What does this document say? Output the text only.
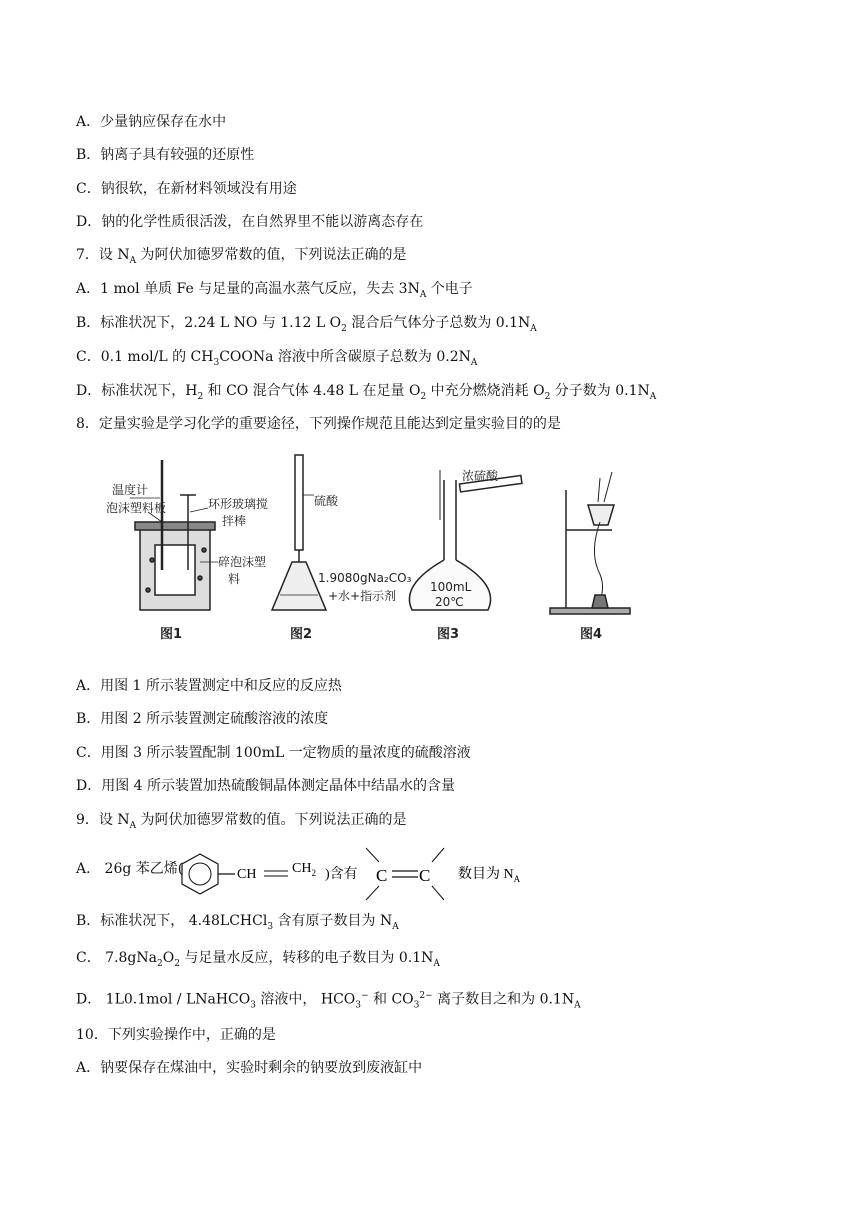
A．少量钠应保存在水中
B．钠离子具有较强的还原性
C．钠很软，在新材料领域没有用途
D．钠的化学性质很活泼，在自然界里不能以游离态存在
7．设 $N_A$ 为阿伏加德罗常数的值，下列说法正确的是
A．1 mol 单质 Fe 与足量的高温水蒸气反应，失去 $3N_A$ 个电子
B．标准状况下，2.24 L NO 与 1.12 L $O_2$ 混合后气体分子总数为 $0.1N_A$
C．0.1 mol/L 的 $CH_3COONa$ 溶液中所含碳原子总数为 $0.2N_A$
D．标准状况下，$H_2$ 和 CO 混合气体 4.48 L 在足量 $O_2$ 中充分燃烧消耗 $O_2$ 分子数为 $0.1N_A$
8．定量实验是学习化学的重要途径，下列操作规范且能达到定量实验目的的是
温度计
泡沫塑料板	环形玻璃搅
拌棒
碎泡沫塑
料
图1
硫酸
1.9080gNa₂CO₃
+水+指示剂
图2
浓硫酸
100mL
20℃
图3	图4
A．用图 1 所示装置测定中和反应的反应热
B．用图 2 所示装置测定硫酸溶液的浓度
C．用图 3 所示装置配制 100mL 一定物质的量浓度的硫酸溶液
D．用图 4 所示装置加热硫酸铜晶体测定晶体中结晶水的含量
9．设 $N_A$ 为阿伏加德罗常数的值。下列说法正确的是
A． 26g 苯乙烯(	CH	$CH_2$ )含有 C C 数目为 $N_A$
B．标准状况下， 4.48LCHCl$_3$ 含有原子数目为 $N_A$
C． $7.8gNa_2O_2$ 与足量水反应，转移的电子数目为 $0.1N_A$
D． 1L0.1mol / LNaHCO$_3$ 溶液中， $HCO_3^-$ 和 $CO_3^{2-}$ 离子数目之和为 $0.1N_A$
10．下列实验操作中，正确的是
A．钠要保存在煤油中，实验时剩余的钠要放到废液缸中
